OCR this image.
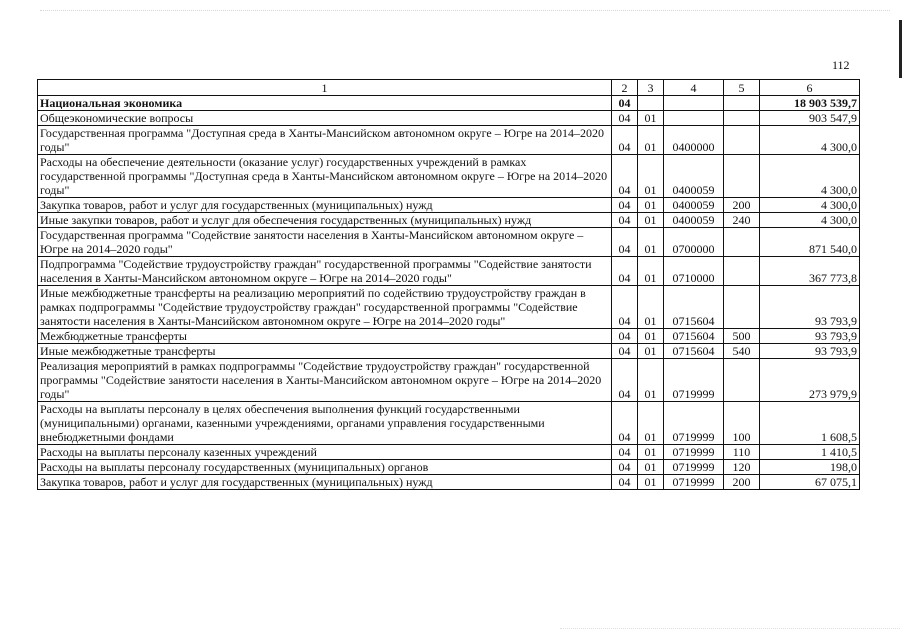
112
1	2	3	4	5	6
Национальная экономика	04				18 903 539,7
Общеэкономические вопросы	04	01			903 547,9
Государственная программа "Доступная среда в Ханты-Мансийском автономном округе – Югре на 2014–2020 годы"	04	01	0400000		4 300,0
Расходы на обеспечение деятельности (оказание услуг) государственных учреждений в рамках государственной программы "Доступная среда в Ханты-Мансийском автономном округе – Югре на 2014–2020 годы"	04	01	0400059		4 300,0
Закупка товаров, работ и услуг для государственных (муниципальных) нужд	04	01	0400059	200	4 300,0
Иные закупки товаров, работ и услуг для обеспечения государственных (муниципальных) нужд	04	01	0400059	240	4 300,0
Государственная программа "Содействие занятости населения в Ханты-Мансийском автономном округе – Югре на 2014–2020 годы"	04	01	0700000		871 540,0
Подпрограмма "Содействие трудоустройству граждан" государственной программы "Содействие занятости населения в Ханты-Мансийском автономном округе – Югре на 2014–2020 годы"	04	01	0710000		367 773,8
Иные межбюджетные трансферты на реализацию мероприятий по содействию трудоустройству граждан в рамках подпрограммы "Содействие трудоустройству граждан" государственной программы "Содействие занятости населения в Ханты-Мансийском автономном округе – Югре на 2014–2020 годы"	04	01	0715604		93 793,9
Межбюджетные трансферты	04	01	0715604	500	93 793,9
Иные межбюджетные трансферты	04	01	0715604	540	93 793,9
Реализация мероприятий в рамках подпрограммы "Содействие трудоустройству граждан" государственной программы "Содействие занятости населения в Ханты-Мансийском автономном округе – Югре на 2014–2020 годы"	04	01	0719999		273 979,9
Расходы на выплаты персоналу в целях обеспечения выполнения функций государственными (муниципальными) органами, казенными учреждениями, органами управления государственными внебюджетными фондами	04	01	0719999	100	1 608,5
Расходы на выплаты персоналу казенных учреждений	04	01	0719999	110	1 410,5
Расходы на выплаты персоналу государственных (муниципальных) органов	04	01	0719999	120	198,0
Закупка товаров, работ и услуг для государственных (муниципальных) нужд	04	01	0719999	200	67 075,1
